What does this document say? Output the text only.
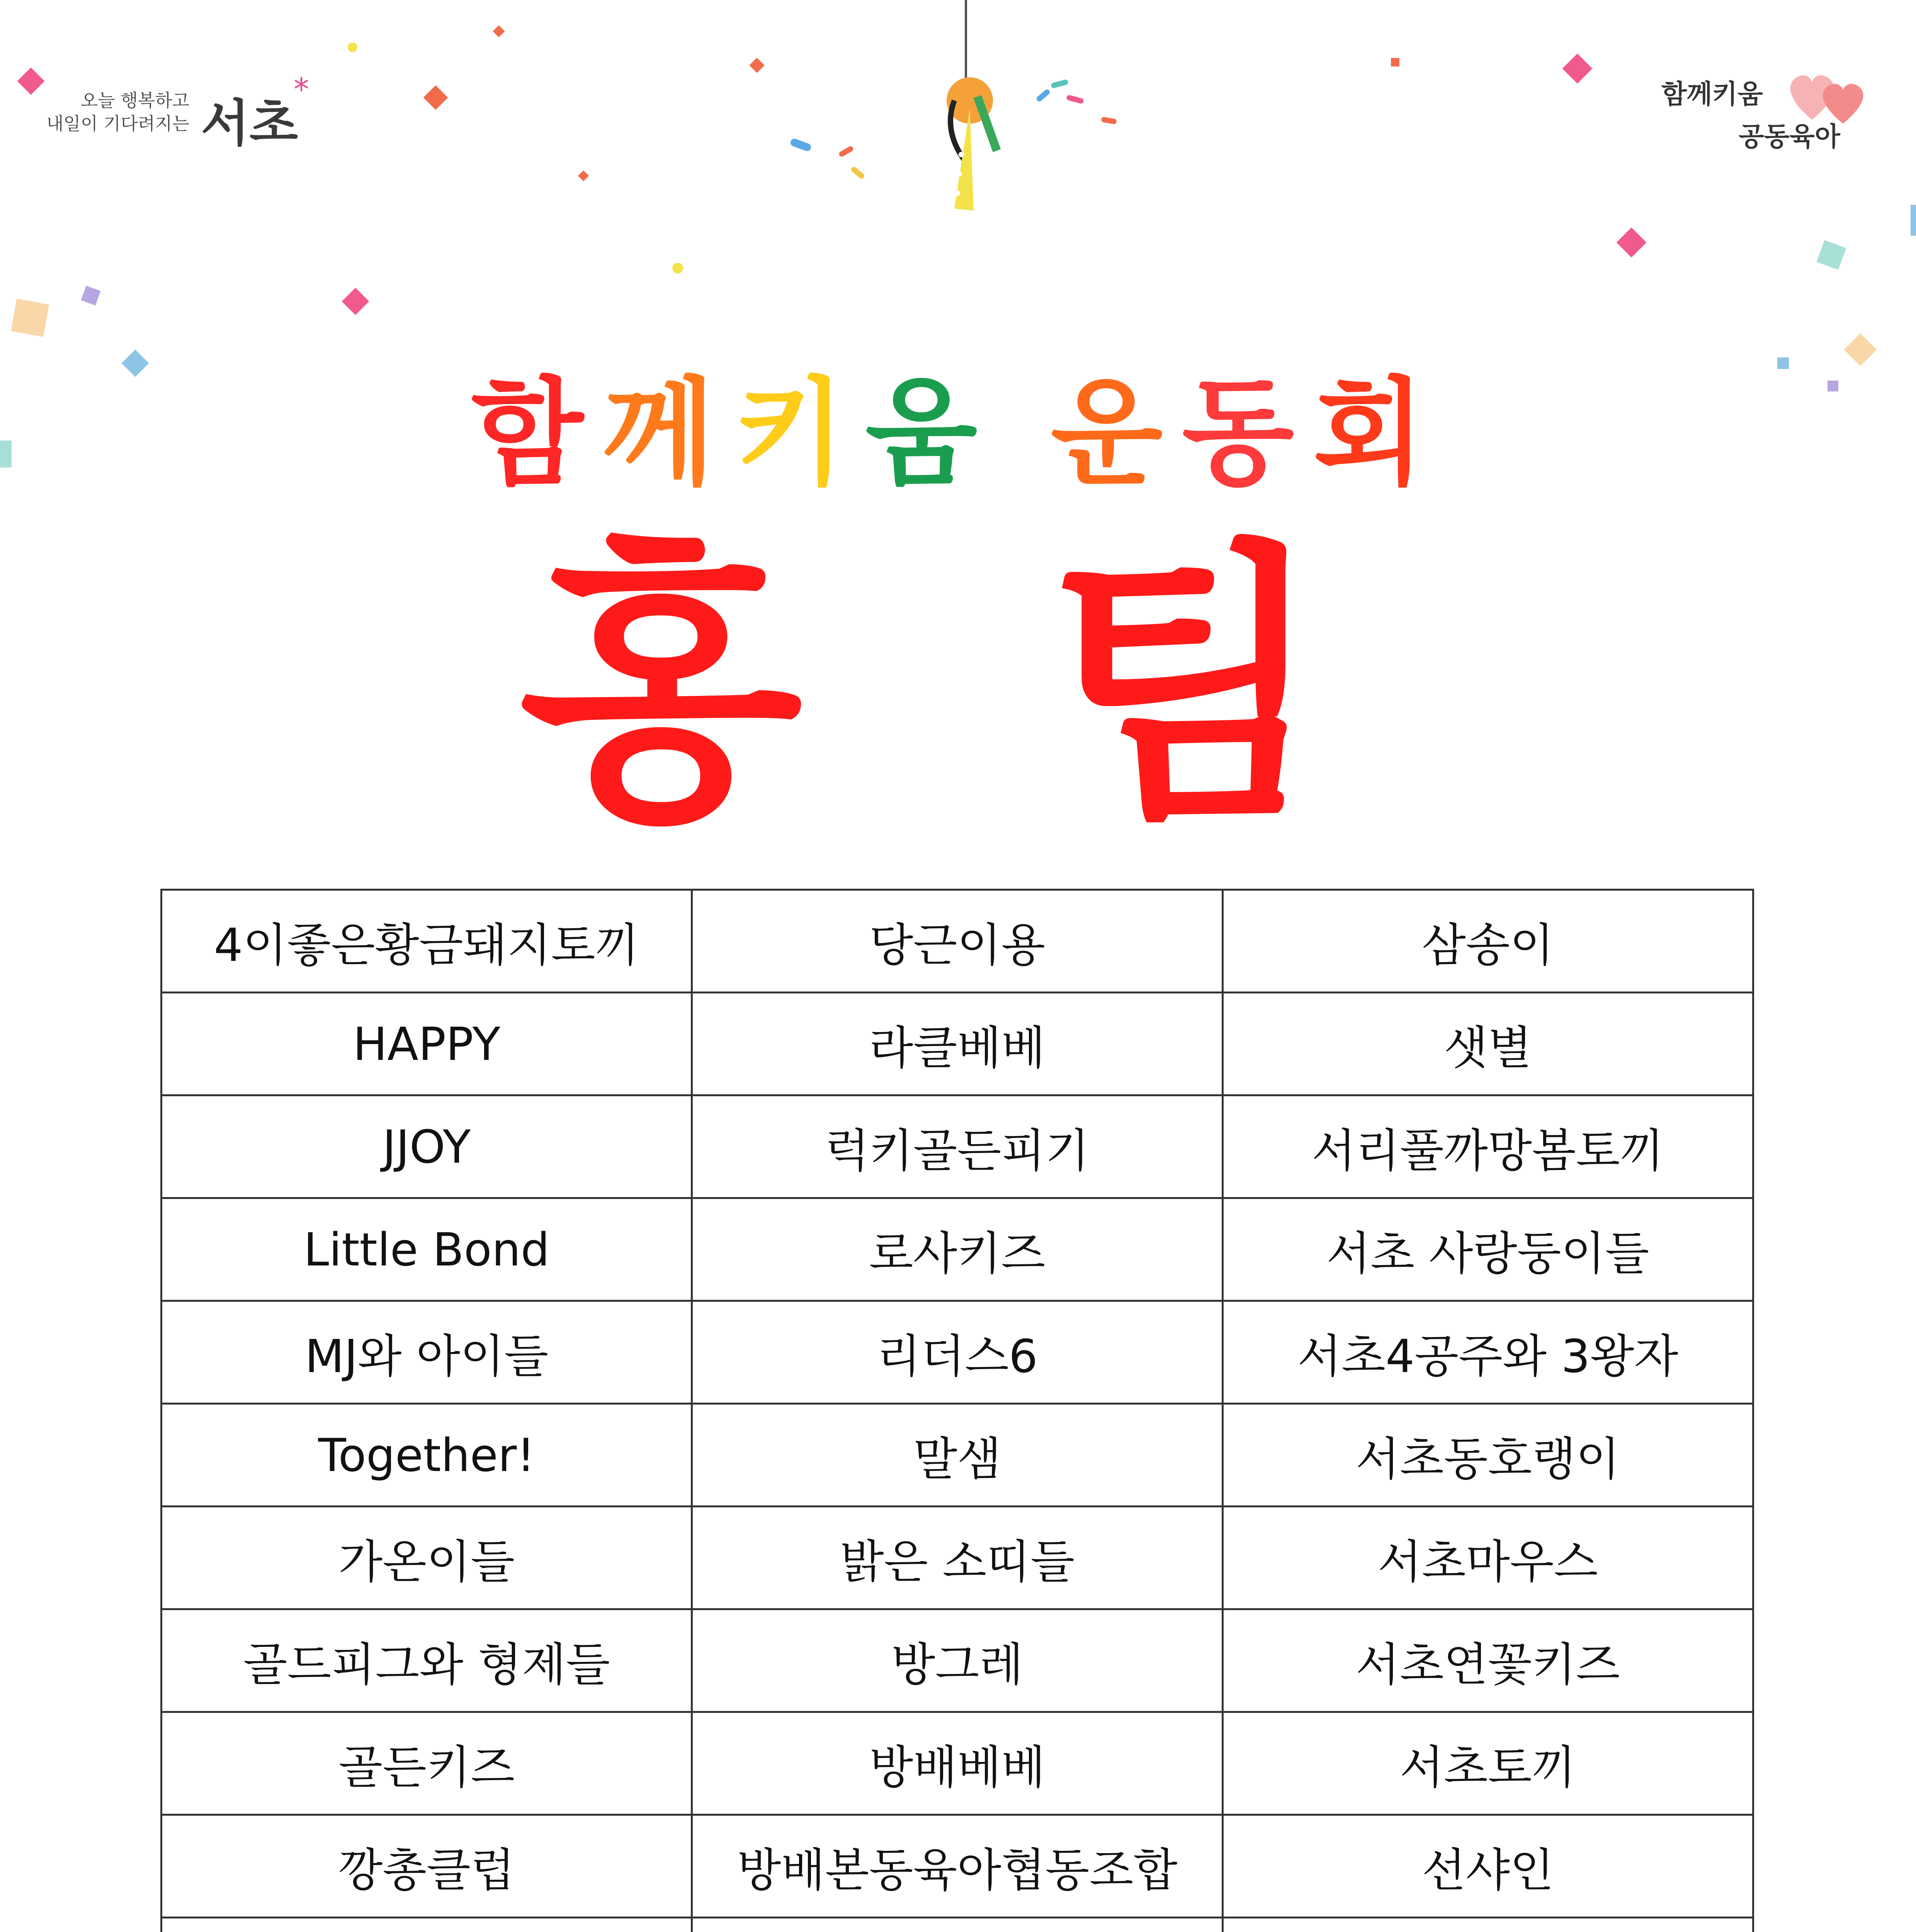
오늘 행복하고
내일이 기다려지는 서초
*	함께키움
공동육아
함께키움 운동회
홍 팀
4이좋은황금돼지토끼	당근이용	삼송이
HAPPY	라클베베	샛별
JJOY	럭키골든피기	서리풀까망봄토끼
Little Bond	로사키즈	서초 사랑둥이들
MJ와 아이들	리더스6	서초4공주와 3왕자
Together!	말샘	서초동호랭이
가온이들	밝은 소띠들	서초마우스
골드피그와 형제들	방그레	서초연꽃키즈
골든키즈	방배베베	서초토끼
깡총클럽	방배본동육아협동조합	선샤인
